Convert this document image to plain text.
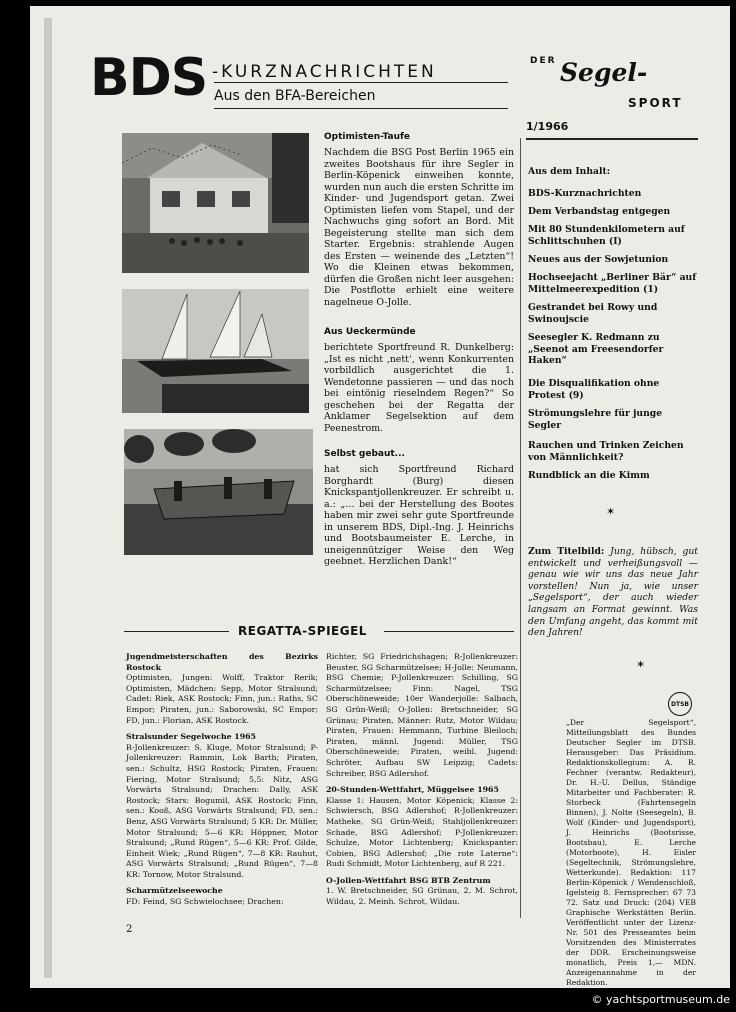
BDS -KURZNACHRICHTEN
Aus den BFA-Bereichen
DER Segel-
SPORT
1/1966
Optimisten-Taufe
Nachdem die BSG Post Berlin 1965 ein zweites Bootshaus für ihre Segler in Berlin-Köpenick einweihen konnte, wurden nun auch die ersten Schritte im Kinder- und Jugendsport getan. Zwei Optimisten liefen vom Stapel, und der Nachwuchs ging sofort an Bord. Mit Begeisterung stellte man sich dem Starter. Ergebnis: strahlende Augen des Ersten — weinende des „Letzten“! Wo die Kleinen etwas bekommen, dürfen die Großen nicht leer ausgehen: Die Postflotte erhielt eine weitere nagelneue O-Jolle.
Aus Ueckermünde
berichtete Sportfreund R. Dunkelberg: „Ist es nicht ‚nett‘, wenn Konkurrenten vorbildlich ausgerichtet die 1. Wendetonne passieren — und das noch bei eintönig rieselndem Regen?“ So geschehen bei der Regatta der Anklamer Segelsektion auf dem Peenestrom.
Selbst gebaut...
hat sich Sportfreund Richard Borghardt (Burg) diesen Knickspantjollenkreuzer. Er schreibt u. a.: „... bei der Herstellung des Bootes haben mir zwei sehr gute Sportfreunde in unserem BDS, Dipl.-Ing. J. Heinrichs und Bootsbaumeister E. Lerche, in uneigennütziger Weise den Weg geebnet. Herzlichen Dank!“
Aus dem Inhalt:
BDS-Kurznachrichten
Dem Verbandstag entgegen
Mit 80 Stundenkilometern auf Schlittschuhen (I)
Neues aus der Sowjetunion
Hochseejacht „Berliner Bär“ auf Mittelmeerexpedition (1)
Gestrandet bei Rowy und Swinoujscie
Seesegler K. Redmann zu „Seenot am Freesendorfer Haken“
Die Disqualifikation ohne Protest (9)
Strömungslehre für junge Segler
Rauchen und Trinken Zeichen von Männlichkeit?
Rundblick an die Kimm
✶
Zum Titelbild: Jung, hübsch, gut entwickelt und verheißungsvoll — genau wie wir uns das neue Jahr vorstellen! Nun ja, wie unser „Segelsport“, der auch wieder langsam an Format gewinnt. Was den Umfang angeht, das kommt mit den Jahren!
✶
DTSB
„Der Segelsport“, Mitteilungsblatt des Bundes Deutscher Segler im DTSB. Herausgeber: Das Präsidium. Redaktionskollegium: A. R. Fechner (verantw. Redakteur), Dr. H.-U. Dellus, Ständige Mitarbeiter und Fachberater: R. Storbeck (Fahrtensegeln Binnen), J. Nolte (Seesegeln), B. Wolf (Kinder- und Jugendsport), J. Heinrichs (Bootsrisse, Bootsbau), E. Lerche (Motorboote), H. Eisler (Segeltechnik, Strömungslehre, Wetterkunde). Redaktion: 117 Berlin-Köpenick / Wendenschloß, Igelsteig 8. Fernsprecher: 67 73 72. Satz und Druck: (204) VEB Graphische Werkstätten Berlin. Veröffentlicht unter der Lizenz-Nr. 501 des Presseamtes beim Vorsitzenden des Ministerrates der DDR. Erscheinungsweise monatlich, Preis 1,— MDN. Anzeigenannahme in der Redaktion.
REGATTA-SPIEGEL

Jugendmeisterschaften des Bezirks Rostock
Optimisten, Jungen: Wolff, Traktor Rerik; Optimisten, Mädchen: Sepp, Motor Stralsund; Cadet: Riek, ASK Rostock; Finn, jun.: Raths, SC Empor; Piraten, jun.: Saborowski, SC Empor; FD, jun.: Florian, ASK Rostock.

Stralsunder Segelwoche 1965
R-Jollenkreuzer: S. Kluge, Motor Stralsund; P-Jollenkreuzer: Rammin, Lok Barth; Piraten, sen.: Schultz, HSG Rostock; Piraten, Frauen: Fiering, Motor Stralsund; 5,5: Nitz, ASG Vorwärts Stralsund; Drachen: Dally, ASK Rostock; Stars: Bogumil, ASK Rostock; Finn, sen.: Kooß, ASG Vorwärts Stralsund; FD, sen.: Benz, ASG Vorwärts Stralsund; 5 KR: Dr. Müller, Motor Stralsund; 5—6 KR: Höppner, Motor Stralsund; „Rund Rügen“, 5—6 KR: Prof. Gilde, Einheit Wiek; „Rund Rügen“, 7—8 KR: Rauhut, ASG Vorwärts Stralsund; „Rund Rügen“, 7—8 KR: Tornow, Motor Stralsund.

Scharmützelseewoche
FD: Feind, SG Schwielochsee; Drachen:

Richter, SG Friedrichshagen; R-Jollenkreuzer: Beuster, SG Scharmützelsee; H-Jolle: Neumann, BSG Chemie; P-Jollenkreuzer: Schilling, SG Scharmützelsee; Finn: Nagel, TSG Oberschöneweide; 10er Wanderjolle: Salbach, SG Grün-Weiß; O-Jollen: Bretschneider, SG Grünau; Piraten, Männer: Rutz, Motor Wildau; Piraten, Frauen: Hemmann, Turbine Bleiloch; Piraten, männl. Jugend: Müller, TSG Oberschöneweide; Piraten, weibl. Jugend: Schröter, Aufbau SW Leipzig; Cadets: Schreiber, BSG Adlershof.

20-Stunden-Wettfahrt, Müggelsee 1965
Klasse 1: Hausen, Motor Köpenick; Klasse 2: Schwiersch, BSG Adlershof; R-Jollenkreuzer: Matheke, SG Grün-Weiß; Stahljollenkreuzer: Schade, BSG Adlershof; P-Jollenkreuzer: Schulze, Motor Lichtenberg; Knickspanter: Cobien, BSG Adlershof; „Die rote Laterne“: Rudi Schmidt, Motor Lichtenberg, auf R 221.

O-Jollen-Wettfahrt BSG BTB Zentrum
1. W. Bretschneider, SG Grünau, 2. M. Schrot, Wildau, 2. Meinh. Schrot, Wildau.

2
© yachtsportmuseum.de
